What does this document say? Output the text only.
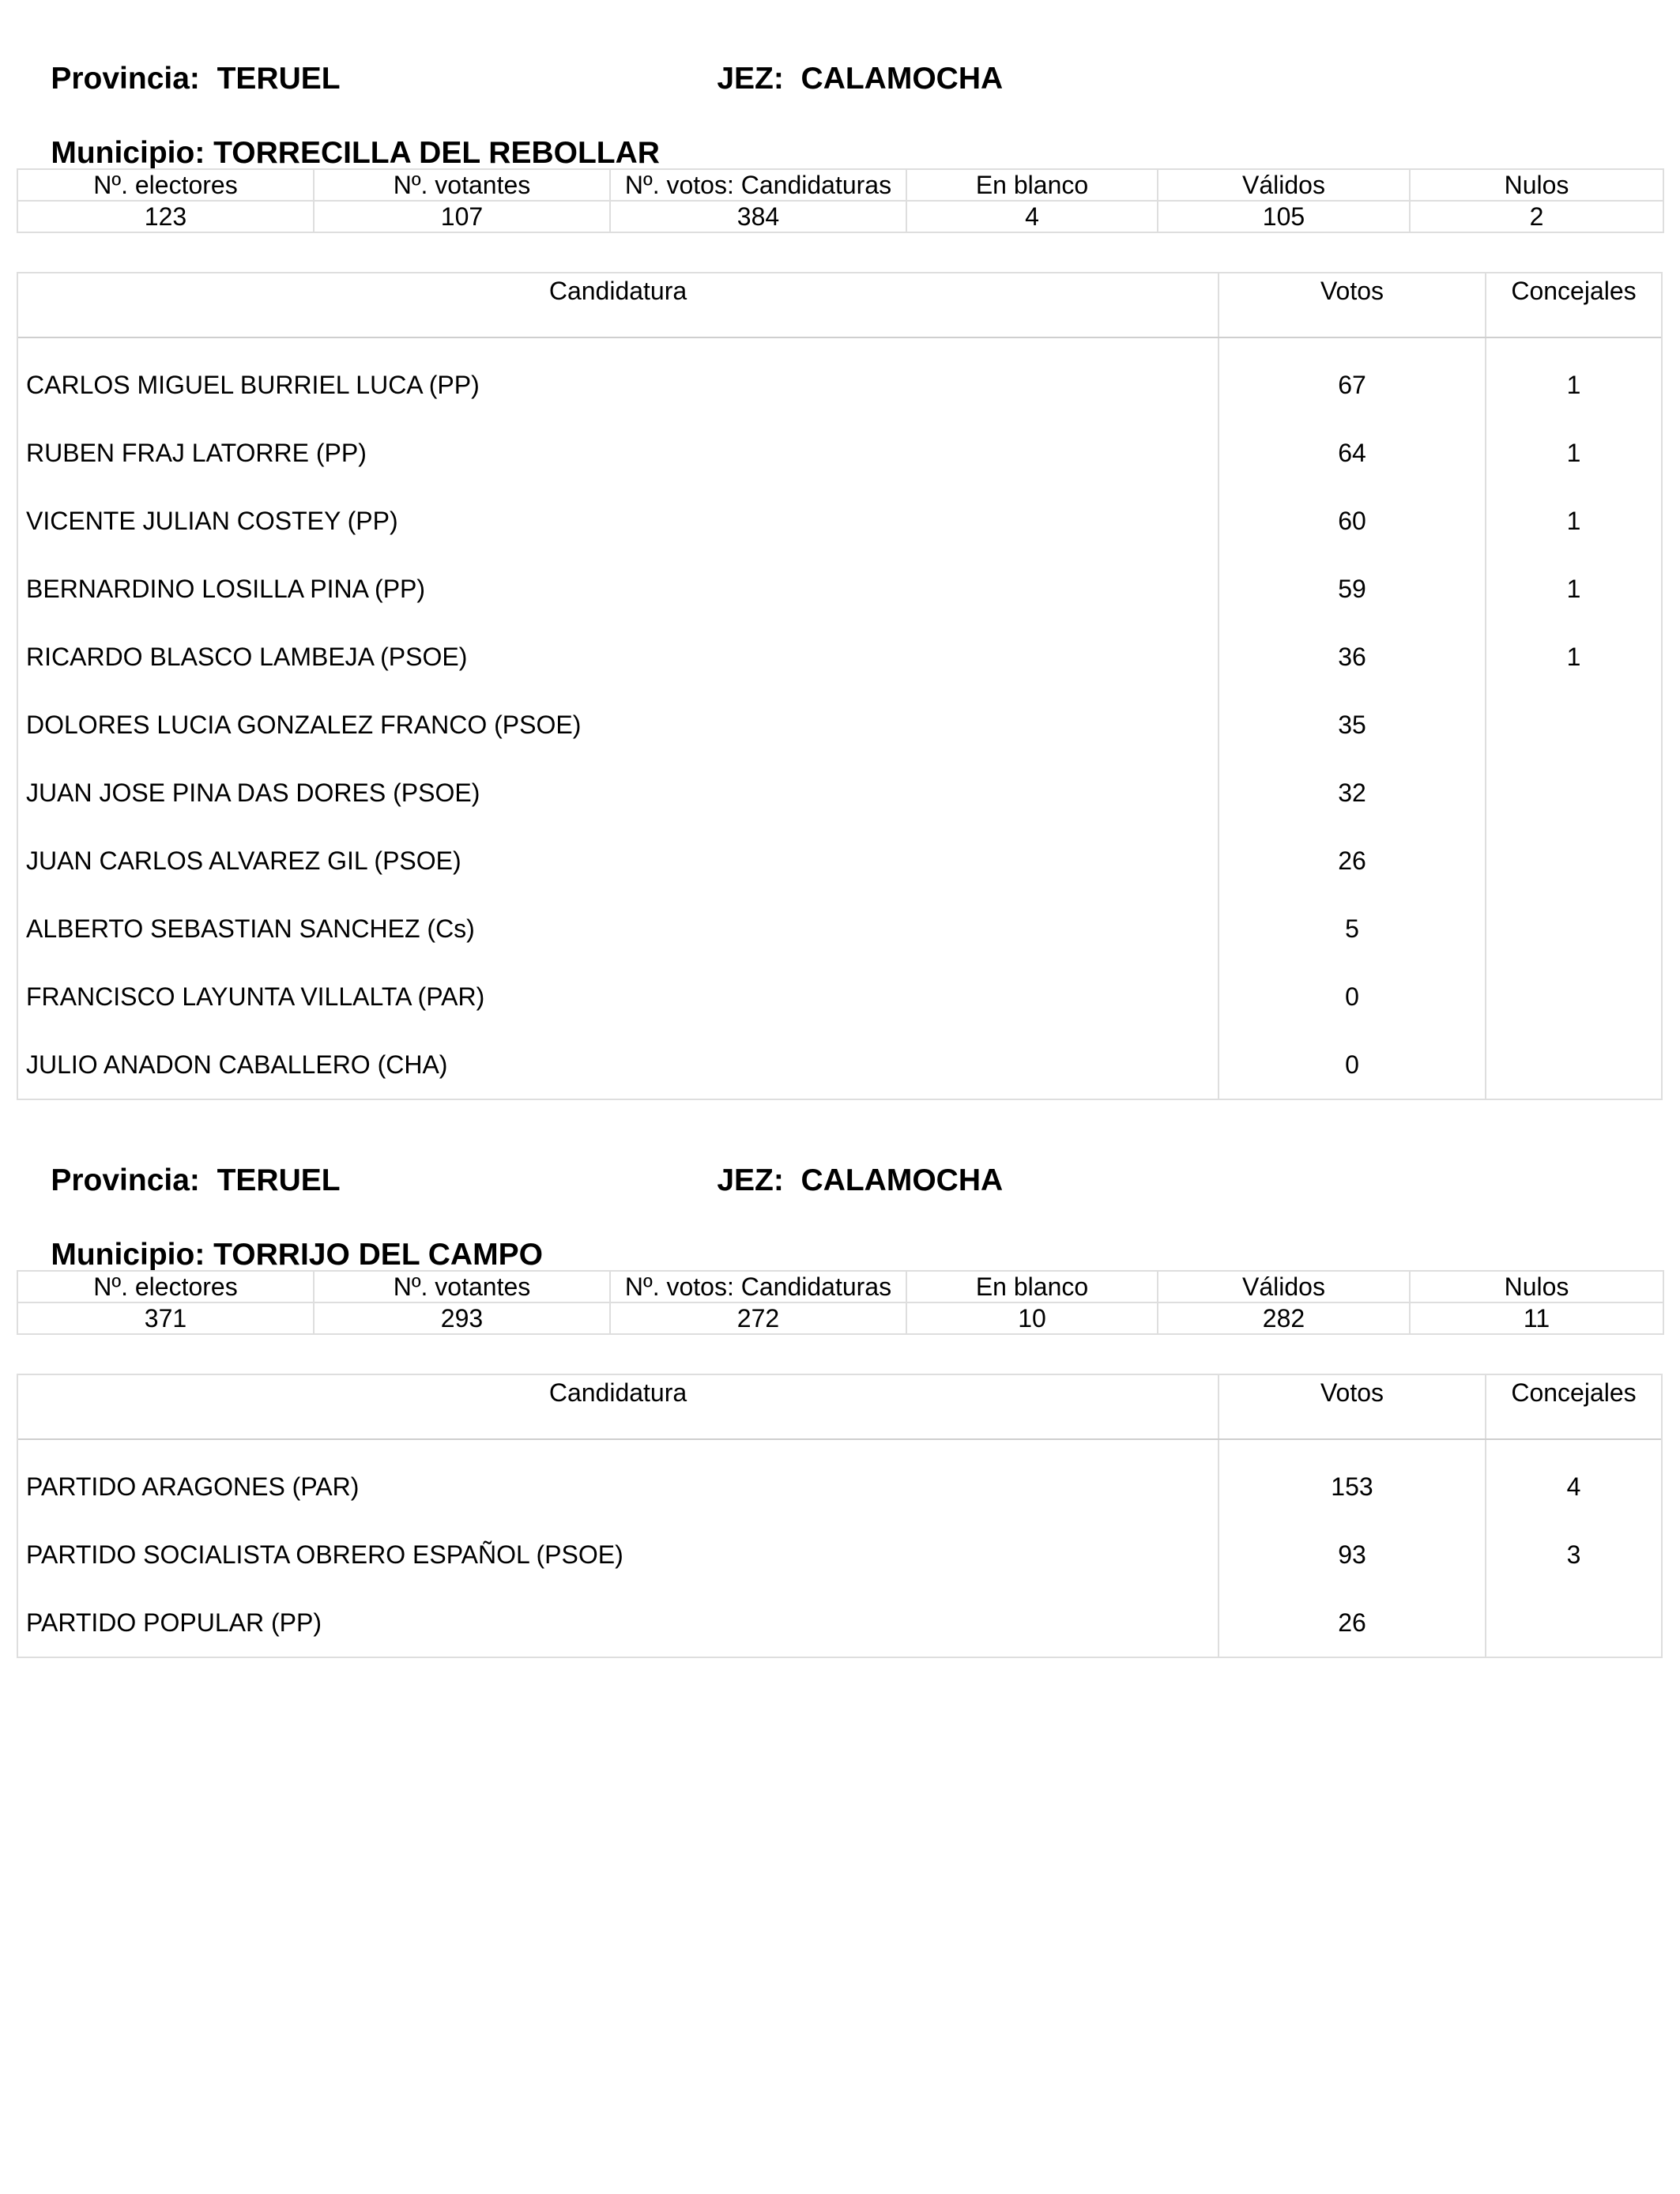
Provincia: TERUEL
	JEZ: CALAMOCHA

Municipio: TORRECILLA DEL REBOLLAR

Nº. electores	Nº. votantes	Nº. votos: Candidaturas	En blanco	Válidos	Nulos
123	107	384	4	105	2
Candidatura	Votos	Concejales
CARLOS MIGUEL BURRIEL LUCA (PP)	67	1
RUBEN FRAJ LATORRE (PP)	64	1
VICENTE JULIAN COSTEY (PP)	60	1
BERNARDINO LOSILLA PINA (PP)	59	1
RICARDO BLASCO LAMBEJA (PSOE)	36	1
DOLORES LUCIA GONZALEZ FRANCO (PSOE)	35
JUAN JOSE PINA DAS DORES (PSOE)	32
JUAN CARLOS ALVAREZ GIL (PSOE)	26
ALBERTO SEBASTIAN SANCHEZ (Cs)	5
FRANCISCO LAYUNTA VILLALTA (PAR)	0
JULIO ANADON CABALLERO (CHA)	0

Provincia: TERUEL
	JEZ: CALAMOCHA

Municipio: TORRIJO DEL CAMPO

Nº. electores	Nº. votantes	Nº. votos: Candidaturas	En blanco	Válidos	Nulos
371	293	272	10	282	11
Candidatura	Votos	Concejales
PARTIDO ARAGONES (PAR)	153	4
PARTIDO SOCIALISTA OBRERO ESPAÑOL (PSOE)	93	3
PARTIDO POPULAR (PP)	26
